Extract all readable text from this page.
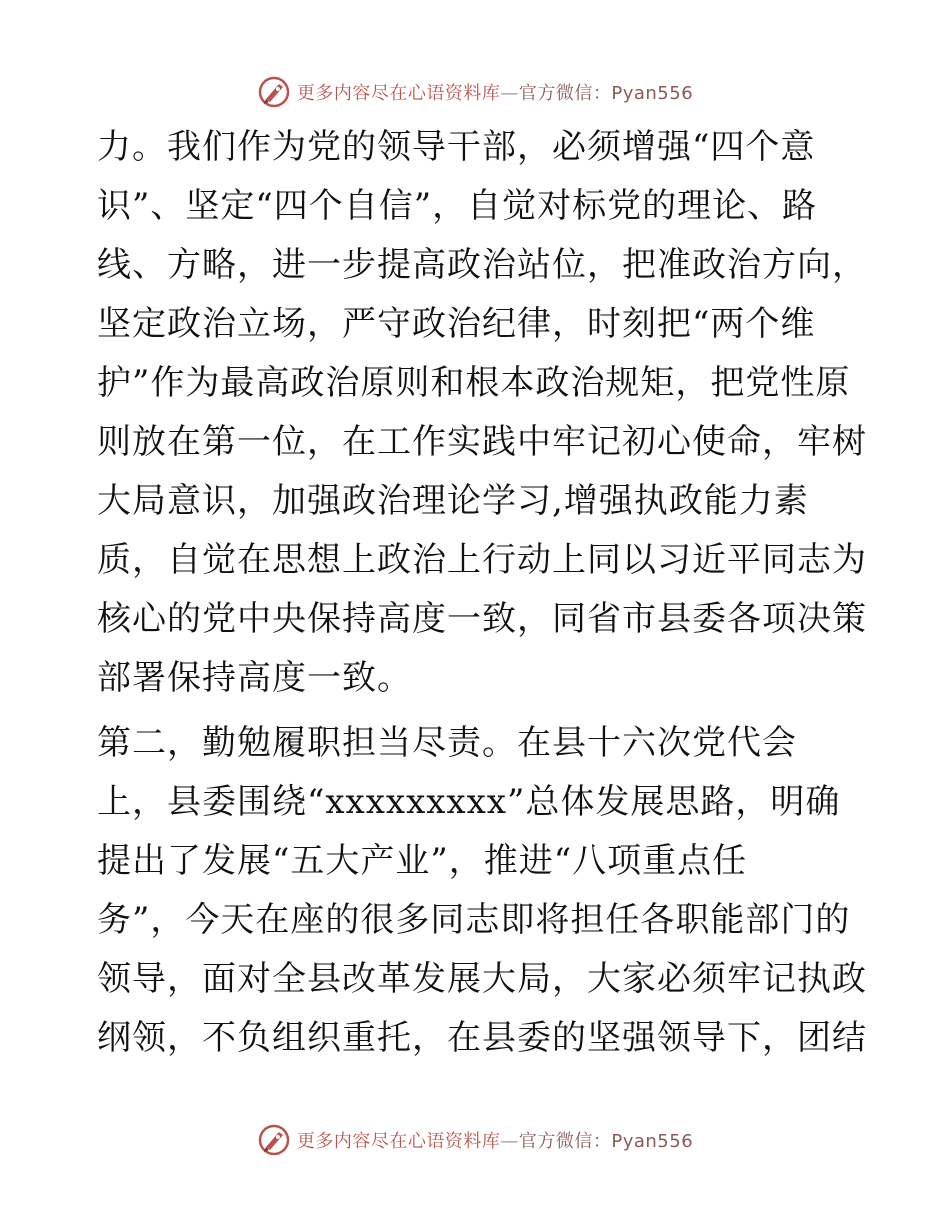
更多内容尽在心语资料库—官方微信：Pyan556
力。我们作为党的领导干部，必须增强“四个意
识”、坚定“四个自信”，自觉对标党的理论、路
线、方略，进一步提高政治站位，把准政治方向，
坚定政治立场，严守政治纪律，时刻把“两个维
护”作为最高政治原则和根本政治规矩，把党性原
则放在第一位，在工作实践中牢记初心使命，牢树
大局意识，加强政治理论学习,增强执政能力素
质，自觉在思想上政治上行动上同以习近平同志为
核心的党中央保持高度一致，同省市县委各项决策
部署保持高度一致。
第二，勤勉履职担当尽责。在县十六次党代会
上，县委围绕“xxxxxxxxx”总体发展思路，明确
提出了发展“五大产业”，推进“八项重点任
务”，今天在座的很多同志即将担任各职能部门的
领导，面对全县改革发展大局，大家必须牢记执政
纲领，不负组织重托，在县委的坚强领导下，团结
更多内容尽在心语资料库—官方微信：Pyan556
